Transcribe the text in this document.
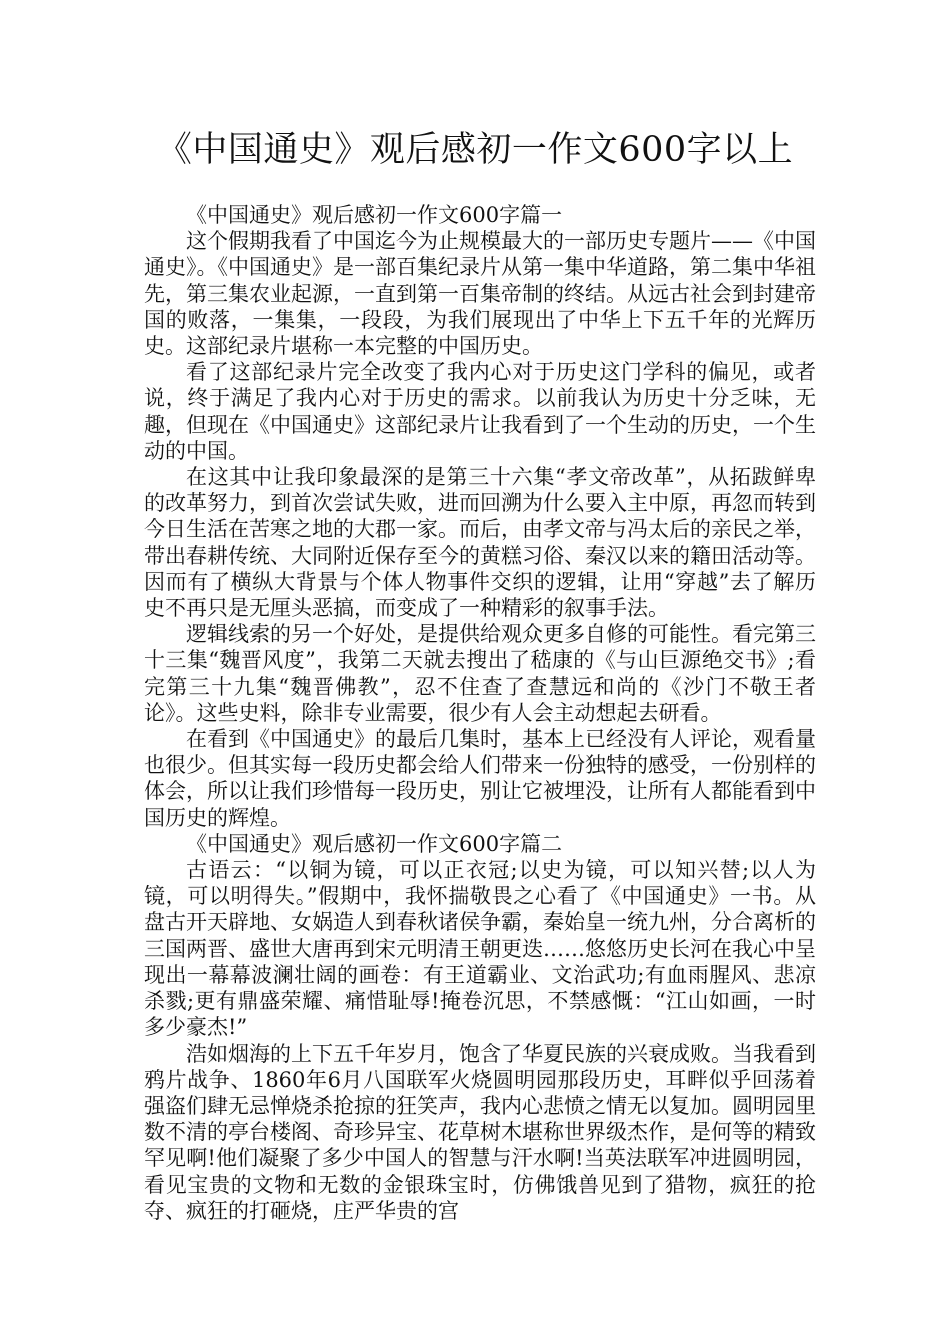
《中国通史》观后感初一作文600字以上

《中国通史》观后感初一作文600字篇一

这个假期我看了中国迄今为止规模最大的一部历史专题片——《中国通史》。《中国通史》是一部百集纪录片从第一集中华道路，第二集中华祖先，第三集农业起源，一直到第一百集帝制的终结。从远古社会到封建帝国的败落，一集集，一段段，为我们展现出了中华上下五千年的光辉历史。这部纪录片堪称一本完整的中国历史。

看了这部纪录片完全改变了我内心对于历史这门学科的偏见，或者说，终于满足了我内心对于历史的需求。以前我认为历史十分乏味，无趣，但现在《中国通史》这部纪录片让我看到了一个生动的历史，一个生动的中国。

在这其中让我印象最深的是第三十六集“孝文帝改革”，从拓跋鲜卑的改革努力，到首次尝试失败，进而回溯为什么要入主中原，再忽而转到今日生活在苦寒之地的大郡一家。而后，由孝文帝与冯太后的亲民之举，带出春耕传统、大同附近保存至今的黄糕习俗、秦汉以来的籍田活动等。因而有了横纵大背景与个体人物事件交织的逻辑，让用“穿越”去了解历史不再只是无厘头恶搞，而变成了一种精彩的叙事手法。

逻辑线索的另一个好处，是提供给观众更多自修的可能性。看完第三十三集“魏晋风度”，我第二天就去搜出了嵇康的《与山巨源绝交书》;看完第三十九集“魏晋佛教”，忍不住查了查慧远和尚的《沙门不敬王者论》。这些史料，除非专业需要，很少有人会主动想起去研看。

在看到《中国通史》的最后几集时，基本上已经没有人评论，观看量也很少。但其实每一段历史都会给人们带来一份独特的感受，一份别样的体会，所以让我们珍惜每一段历史，别让它被埋没，让所有人都能看到中国历史的辉煌。

《中国通史》观后感初一作文600字篇二

古语云：“以铜为镜，可以正衣冠;以史为镜，可以知兴替;以人为镜，可以明得失。”假期中，我怀揣敬畏之心看了《中国通史》一书。从盘古开天辟地、女娲造人到春秋诸侯争霸，秦始皇一统九州，分合离析的三国两晋、盛世大唐再到宋元明清王朝更迭……悠悠历史长河在我心中呈现出一幕幕波澜壮阔的画卷：有王道霸业、文治武功;有血雨腥风、悲凉杀戮;更有鼎盛荣耀、痛惜耻辱!掩卷沉思，不禁感慨：“江山如画，一时多少豪杰!”

浩如烟海的上下五千年岁月，饱含了华夏民族的兴衰成败。当我看到鸦片战争、1860年6月八国联军火烧圆明园那段历史，耳畔似乎回荡着强盗们肆无忌惮烧杀抢掠的狂笑声，我内心悲愤之情无以复加。圆明园里数不清的亭台楼阁、奇珍异宝、花草树木堪称世界级杰作，是何等的精致罕见啊!他们凝聚了多少中国人的智慧与汗水啊!当英法联军冲进圆明园，看见宝贵的文物和无数的金银珠宝时，仿佛饿兽见到了猎物，疯狂的抢夺、疯狂的打砸烧，庄严华贵的宫
